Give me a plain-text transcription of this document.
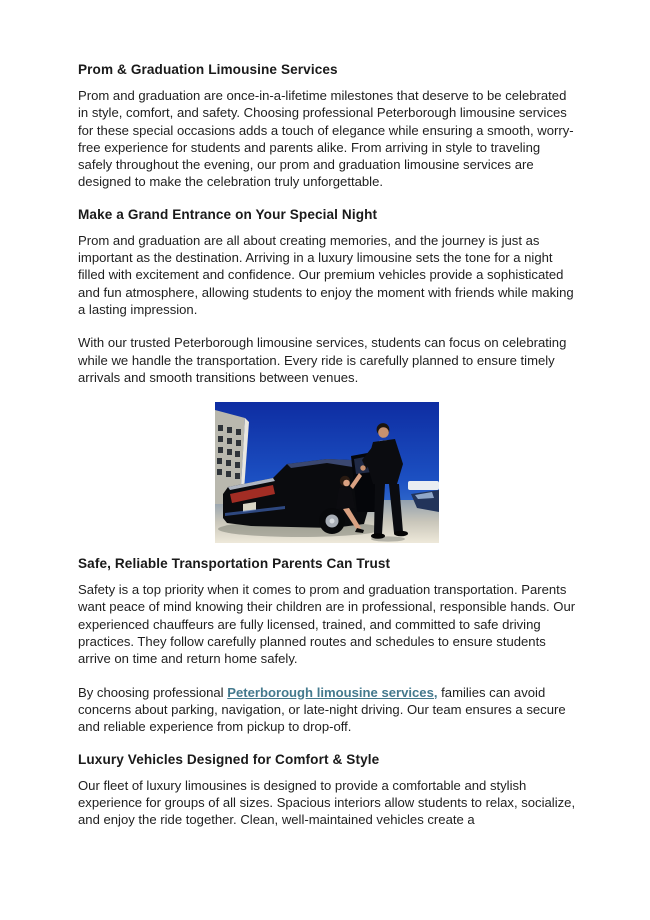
Prom & Graduation Limousine Services

Prom and graduation are once-in-a-lifetime milestones that deserve to be celebrated in style, comfort, and safety. Choosing professional Peterborough limousine services for these special occasions adds a touch of elegance while ensuring a smooth, worry-free experience for students and parents alike. From arriving in style to traveling safely throughout the evening, our prom and graduation limousine services are designed to make the celebration truly unforgettable.

Make a Grand Entrance on Your Special Night

Prom and graduation are all about creating memories, and the journey is just as important as the destination. Arriving in a luxury limousine sets the tone for a night filled with excitement and confidence. Our premium vehicles provide a sophisticated and fun atmosphere, allowing students to enjoy the moment with friends while making a lasting impression.

With our trusted Peterborough limousine services, students can focus on celebrating while we handle the transportation. Every ride is carefully planned to ensure timely arrivals and smooth transitions between venues.

Safe, Reliable Transportation Parents Can Trust

Safety is a top priority when it comes to prom and graduation transportation. Parents want peace of mind knowing their children are in professional, responsible hands. Our experienced chauffeurs are fully licensed, trained, and committed to safe driving practices. They follow carefully planned routes and schedules to ensure students arrive on time and return home safely.

By choosing professional Peterborough limousine services, families can avoid concerns about parking, navigation, or late-night driving. Our team ensures a secure and reliable experience from pickup to drop-off.

Luxury Vehicles Designed for Comfort & Style

Our fleet of luxury limousines is designed to provide a comfortable and stylish experience for groups of all sizes. Spacious interiors allow students to relax, socialize, and enjoy the ride together. Clean, well-maintained vehicles create a
